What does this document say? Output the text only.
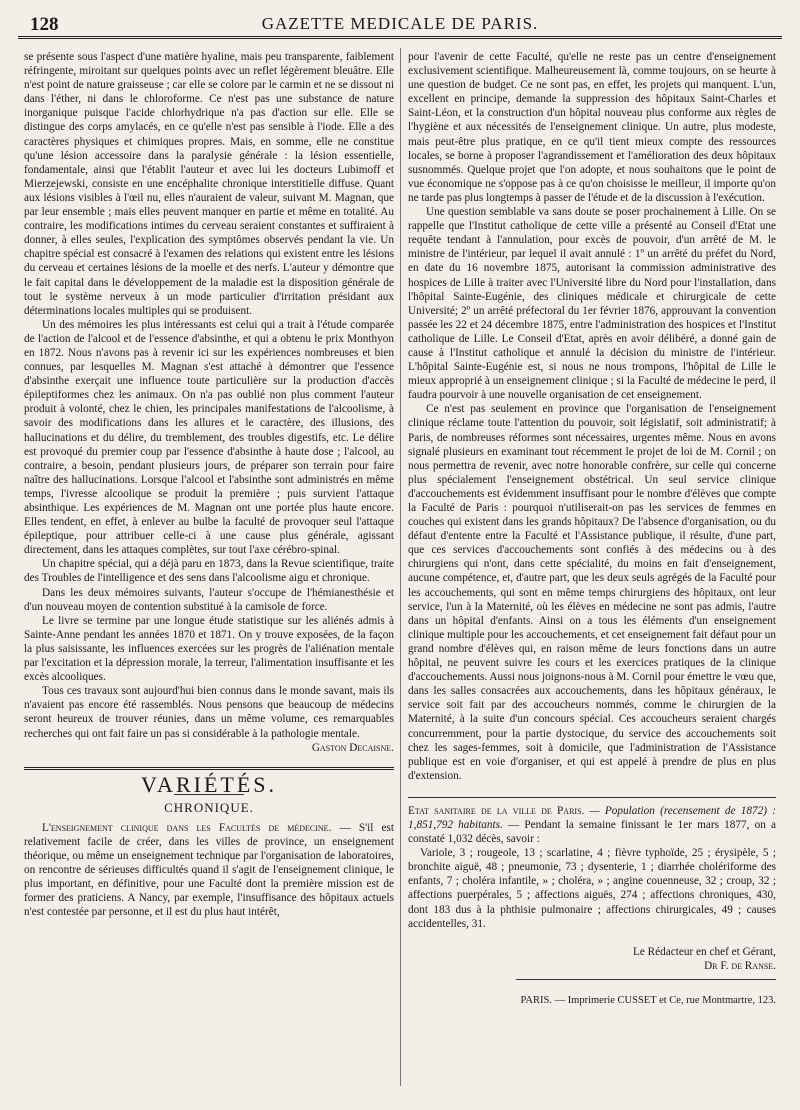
128	GAZETTE MEDICALE DE PARIS.

se présente sous l'aspect d'une matière hyaline, mais peu transparente, faiblement réfringente, miroitant sur quelques points avec un reflet légèrement bleuâtre. Elle n'est point de nature graisseuse ; car elle se colore par le carmin et ne se dissout ni dans l'éther, ni dans le chloroforme. Ce n'est pas une substance de nature inorganique puisque l'acide chlorhydrique n'a pas d'action sur elle. Elle se distingue des corps amylacés, en ce qu'elle n'est pas sensible à l'iode. Elle a des caractères physiques et chimiques propres. Mais, en somme, elle ne constitue qu'une lésion accessoire dans la paralysie générale : la lésion essentielle, fondamentale, ainsi que l'établit l'auteur et avec lui les docteurs Lubimoff et Mierzejewski, consiste en une encéphalite chronique interstitielle diffuse. Quant aux lésions visibles à l'œil nu, elles n'auraient de valeur, suivant M. Magnan, que par leur ensemble ; mais elles peuvent manquer en partie et même en totalité. Au contraire, les modifications intimes du cerveau seraient constantes et suffiraient à donner, à elles seules, l'explication des symptômes observés pendant la vie. Un chapitre spécial est consacré à l'examen des relations qui existent entre les lésions du cerveau et certaines lésions de la moelle et des nerfs. L'auteur y démontre que le fait capital dans le développement de la maladie est la disposition générale de tout le système nerveux à un mode particulier d'irritation présidant aux déterminations locales multiples qui se produisent.

Un des mémoires les plus intéressants est celui qui a trait à l'étude comparée de l'action de l'alcool et de l'essence d'absinthe, et qui a obtenu le prix Monthyon en 1872. Nous n'avons pas à revenir ici sur les expériences nombreuses et bien connues, par lesquelles M. Magnan s'est attaché à démontrer que l'essence d'absinthe exerçait une influence toute particulière sur la production d'accès épileptiformes chez les animaux. On n'a pas oublié non plus comment l'auteur produit à volonté, chez le chien, les principales manifestations de l'alcoolisme, à savoir des modifications dans les allures et le caractère, des illusions, des hallucinations et du délire, du tremblement, des troubles digestifs, etc. Le délire est provoqué du premier coup par l'essence d'absinthe à haute dose ; l'alcool, au contraire, a besoin, pendant plusieurs jours, de préparer son terrain pour faire naître des hallucinations. Lorsque l'alcool et l'absinthe sont administrés en même temps, l'ivresse alcoolique se produit la première ; puis survient l'attaque absinthique. Les expériences de M. Magnan ont une portée plus haute encore. Elles tendent, en effet, à enlever au bulbe la faculté de provoquer seul l'attaque épileptique, pour attribuer celle-ci à une cause plus générale, agissant directement, dans les attaques complètes, sur tout l'axe cérébro-spinal.

Un chapitre spécial, qui a déjà paru en 1873, dans la Revue scientifique, traite des Troubles de l'intelligence et des sens dans l'alcoolisme aigu et chronique.

Dans les deux mémoires suivants, l'auteur s'occupe de l'hémianesthésie et d'un nouveau moyen de contention substitué à la camisole de force.

Le livre se termine par une longue étude statistique sur les aliénés admis à Sainte-Anne pendant les années 1870 et 1871. On y trouve exposées, de la façon la plus saisissante, les influences exercées sur les progrès de l'aliénation mentale par l'excitation et la dépression morale, la terreur, l'alimentation insuffisante et les excès alcooliques.

Tous ces travaux sont aujourd'hui bien connus dans le monde savant, mais ils n'avaient pas encore été rassemblés. Nous pensons que beaucoup de médecins seront heureux de trouver réunies, dans un même volume, ces remarquables recherches qui ont fait faire un pas si considérable à la pathologie mentale.

Gaston Decaisne.
VARIÉTÉS.
CHRONIQUE.

L'enseignement clinique dans les Facultés de médecine. — S'il est relativement facile de créer, dans les villes de province, un enseignement théorique, ou même un enseignement technique par l'organisation de laboratoires, on rencontre de sérieuses difficultés quand il s'agit de l'enseignement clinique, le plus important, en définitive, pour une Faculté dont la première mission est de former des praticiens. A Nancy, par exemple, l'insuffisance des hôpitaux actuels n'est contestée par personne, et il est du plus haut intérêt,

pour l'avenir de cette Faculté, qu'elle ne reste pas un centre d'enseignement exclusivement scientifique. Malheureusement là, comme toujours, on se heurte à une question de budget. Ce ne sont pas, en effet, les projets qui manquent. L'un, excellent en principe, demande la suppression des hôpitaux Saint-Charles et Saint-Léon, et la construction d'un hôpital nouveau plus conforme aux règles de l'hygiène et aux nécessités de l'enseignement clinique. Un autre, plus modeste, mais peut-être plus pratique, en ce qu'il tient mieux compte des ressources locales, se borne à proposer l'agrandissement et l'amélioration des deux hôpitaux susnommés. Quelque projet que l'on adopte, et nous souhaitons que le point de vue économique ne s'oppose pas à ce qu'on choisisse le meilleur, il importe qu'on ne tarde pas plus longtemps à passer de l'étude et de la discussion à l'exécution.

Une question semblable va sans doute se poser prochainement à Lille. On se rappelle que l'Institut catholique de cette ville a présenté au Conseil d'Etat une requête tendant à l'annulation, pour excès de pouvoir, d'un arrêté de M. le ministre de l'intérieur, par lequel il avait annulé : 1º un arrêté du préfet du Nord, en date du 16 novembre 1875, autorisant la commission administrative des hospices de Lille à traiter avec l'Université libre du Nord pour l'installation, dans l'hôpital Sainte-Eugénie, des cliniques médicale et chirurgicale de cette Université; 2º un arrêté préfectoral du 1er février 1876, approuvant la convention passée les 22 et 24 décembre 1875, entre l'administration des hospices et l'Institut catholique de Lille. Le Conseil d'Etat, après en avoir délibéré, a donné gain de cause à l'Institut catholique et annulé la décision du ministre de l'intérieur. L'hôpital Sainte-Eugénie est, si nous ne nous trompons, l'hôpital de Lille le mieux approprié à un enseignement clinique ; si la Faculté de médecine le perd, il faudra pourvoir à une nouvelle organisation de cet enseignement.

Ce n'est pas seulement en province que l'organisation de l'enseignement clinique réclame toute l'attention du pouvoir, soit législatif, soit administratif; à Paris, de nombreuses réformes sont nécessaires, urgentes même. Nous en avons signalé plusieurs en examinant tout récemment le projet de loi de M. Cornil ; on nous permettra de revenir, avec notre honorable confrère, sur celle qui concerne plus spécialement l'enseignement obstétrical. Un seul service clinique d'accouchements est évidemment insuffisant pour le nombre d'élèves que compte la Faculté de Paris : pourquoi n'utiliserait-on pas les services de femmes en couches qui existent dans les grands hôpitaux? De l'absence d'organisation, ou du défaut d'entente entre la Faculté et l'Assistance publique, il résulte, d'une part, que ces services d'accouchements sont confiés à des médecins ou à des chirurgiens qui n'ont, dans cette spécialité, du moins en fait d'enseignement, aucune compétence, et, d'autre part, que les deux seuls agrégés de la Faculté pour les accouchements, qui sont en même temps chirurgiens des hôpitaux, ont leur service, l'un à la Maternité, où les élèves en médecine ne sont pas admis, l'autre dans un hôpital d'enfants. Ainsi on a tous les éléments d'un enseignement clinique multiple pour les accouchements, et cet enseignement fait défaut pour un grand nombre d'élèves qui, en raison même de leurs fonctions dans un autre hôpital, ne peuvent suivre les cours et les exercices pratiques de la clinique d'accouchements. Aussi nous joignons-nous à M. Cornil pour émettre le vœu que, dans les salles consacrées aux accouchements, dans les hôpitaux généraux, le service soit fait par des accoucheurs nommés, comme le chirurgien de la Maternité, à la suite d'un concours spécial. Ces accoucheurs seraient chargés concurremment, pour la partie dystocique, du service des accouchements soit chez les sages-femmes, soit à domicile, que l'administration de l'Assistance publique est en voie d'organiser, et qui est appelé à prendre de plus en plus d'extension.

Etat sanitaire de la ville de Paris. — Population (recensement de 1872) : 1,851,792 habitants. — Pendant la semaine finissant le 1er mars 1877, on a constaté 1,032 décès, savoir :

Variole, 3 ; rougeole, 13 ; scarlatine, 4 ; fièvre typhoïde, 25 ; érysipèle, 5 ; bronchite aiguë, 48 ; pneumonie, 73 ; dysenterie, 1 ; diarrhée cholériforme des enfants, 7 ; choléra infantile, » ; choléra, » ; angine couenneuse, 32 ; croup, 32 ; affections puerpérales, 5 ; affections aiguës, 274 ; affections chroniques, 430, dont 183 dus à la phthisie pulmonaire ; affections chirurgicales, 49 ; causes accidentelles, 31.

Le Rédacteur en chef et Gérant,
Dr F. de Ranse.
PARIS. — Imprimerie CUSSET et Ce, rue Montmartre, 123.
